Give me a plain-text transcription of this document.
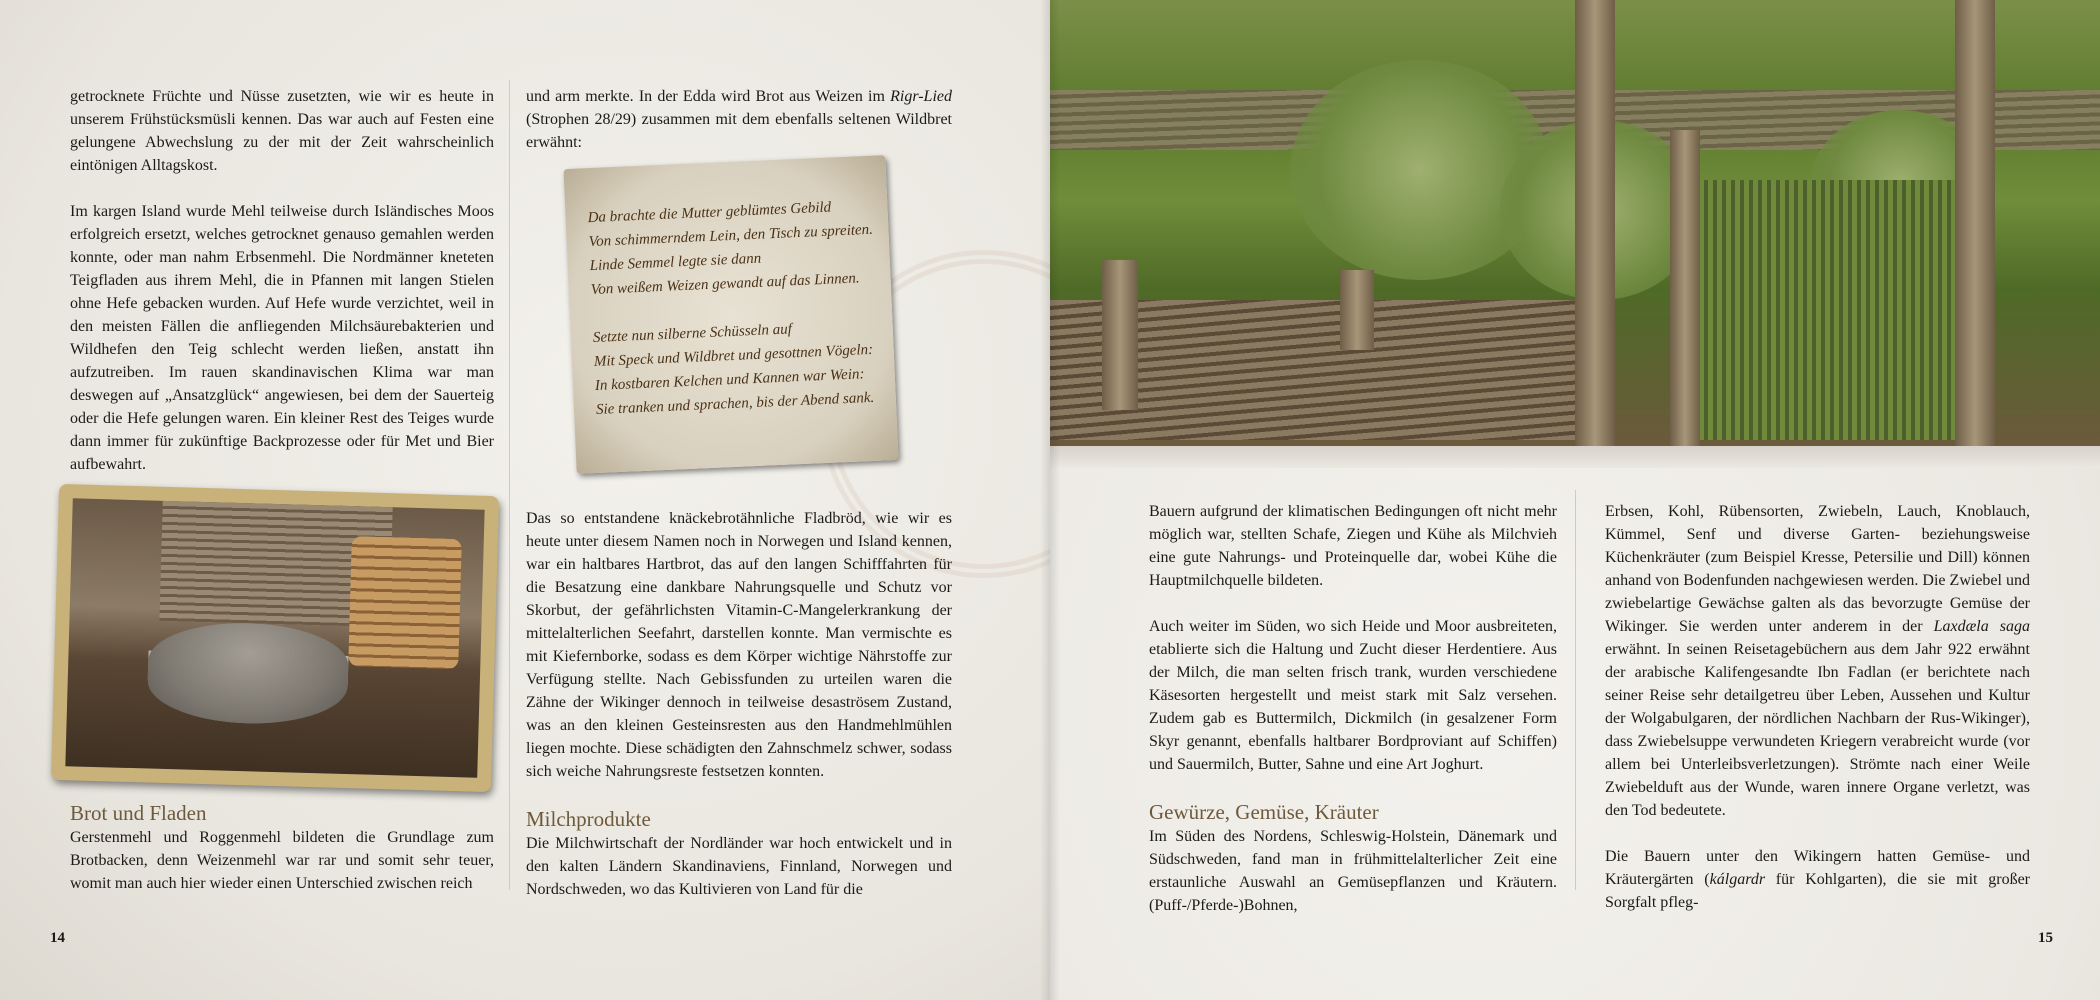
getrocknete Früchte und Nüsse zusetzten, wie wir es heute in unserem Frühstücksmüsli kennen. Das war auch auf Festen eine gelungene Abwechslung zu der mit der Zeit wahrscheinlich eintönigen Alltagskost.

Im kargen Island wurde Mehl teilweise durch Isländisches Moos erfolgreich ersetzt, welches getrocknet genauso gemahlen werden konnte, oder man nahm Erbsenmehl. Die Nordmänner kneteten Teigfladen aus ihrem Mehl, die in Pfannen mit langen Stielen ohne Hefe gebacken wurden. Auf Hefe wurde verzichtet, weil in den meisten Fällen die anfliegenden Milchsäurebakterien und Wildhefen den Teig schlecht werden ließen, anstatt ihn aufzutreiben. Im rauen skandinavischen Klima war man deswegen auf „Ansatzglück“ angewiesen, bei dem der Sauerteig oder die Hefe gelungen waren. Ein kleiner Rest des Teiges wurde dann immer für zukünftige Backprozesse oder für Met und Bier aufbewahrt.

Brot und Fladen

Gerstenmehl und Roggenmehl bildeten die Grundlage zum Brotbacken, denn Weizenmehl war rar und somit sehr teuer, womit man auch hier wieder einen Unterschied zwischen reich

und arm merkte. In der Edda wird Brot aus Weizen im Rigr-Lied (Strophen 28/29) zusammen mit dem ebenfalls seltenen Wildbret erwähnt:

Da brachte die Mutter geblümtes Gebild
Von schimmerndem Lein, den Tisch zu spreiten.
Linde Semmel legte sie dann
Von weißem Weizen gewandt auf das Linnen.
Setzte nun silberne Schüsseln auf
Mit Speck und Wildbret und gesottnen Vögeln:
In kostbaren Kelchen und Kannen war Wein:
Sie tranken und sprachen, bis der Abend sank.

Das so entstandene knäckebrotähnliche Fladbröd, wie wir es heute unter diesem Namen noch in Norwegen und Island kennen, war ein haltbares Hartbrot, das auf den langen Schifffahrten für die Besatzung eine dankbare Nahrungsquelle und Schutz vor Skorbut, der gefährlichsten Vitamin-C-Mangelerkrankung der mittelalterlichen Seefahrt, darstellen konnte. Man vermischte es mit Kiefernborke, sodass es dem Körper wichtige Nährstoffe zur Verfügung stellte. Nach Gebissfunden zu urteilen waren die Zähne der Wikinger dennoch in teilweise desaströsem Zustand, was an den kleinen Gesteinsresten aus den Handmehlmühlen liegen mochte. Diese schädigten den Zahnschmelz schwer, sodass sich weiche Nahrungsreste festsetzen konnten.

Milchprodukte

Die Milchwirtschaft der Nordländer war hoch entwickelt und in den kalten Ländern Skandinaviens, Finnland, Norwegen und Nordschweden, wo das Kultivieren von Land für die

14

Bauern aufgrund der klimatischen Bedingungen oft nicht mehr möglich war, stellten Schafe, Ziegen und Kühe als Milchvieh eine gute Nahrungs- und Proteinquelle dar, wobei Kühe die Hauptmilchquelle bildeten.

Auch weiter im Süden, wo sich Heide und Moor ausbreiteten, etablierte sich die Haltung und Zucht dieser Herdentiere. Aus der Milch, die man selten frisch trank, wurden verschiedene Käsesorten hergestellt und meist stark mit Salz versehen. Zudem gab es Buttermilch, Dickmilch (in gesalzener Form Skyr genannt, ebenfalls haltbarer Bordproviant auf Schiffen) und Sauermilch, Butter, Sahne und eine Art Joghurt.

Gewürze, Gemüse, Kräuter

Im Süden des Nordens, Schleswig-Holstein, Dänemark und Südschweden, fand man in frühmittelalterlicher Zeit eine erstaunliche Auswahl an Gemüsepflanzen und Kräutern. (Puff-/Pferde-)Bohnen,

Erbsen, Kohl, Rübensorten, Zwiebeln, Lauch, Knoblauch, Kümmel, Senf und diverse Garten- beziehungsweise Küchenkräuter (zum Beispiel Kresse, Petersilie und Dill) können anhand von Bodenfunden nachgewiesen werden. Die Zwiebel und zwiebelartige Gewächse galten als das bevorzugte Gemüse der Wikinger. Sie werden unter anderem in der Laxdæla saga erwähnt. In seinen Reisetagebüchern aus dem Jahr 922 erwähnt der arabische Kalifengesandte Ibn Fadlan (er berichtete nach seiner Reise sehr detailgetreu über Leben, Aussehen und Kultur der Wolgabulgaren, der nördlichen Nachbarn der Rus-Wikinger), dass Zwiebelsuppe verwundeten Kriegern verabreicht wurde (vor allem bei Unterleibsverletzungen). Strömte nach einer Weile Zwiebelduft aus der Wunde, waren innere Organe verletzt, was den Tod bedeutete.

Die Bauern unter den Wikingern hatten Gemüse- und Kräutergärten (kálgardr für Kohlgarten), die sie mit großer Sorgfalt pfleg-

15
